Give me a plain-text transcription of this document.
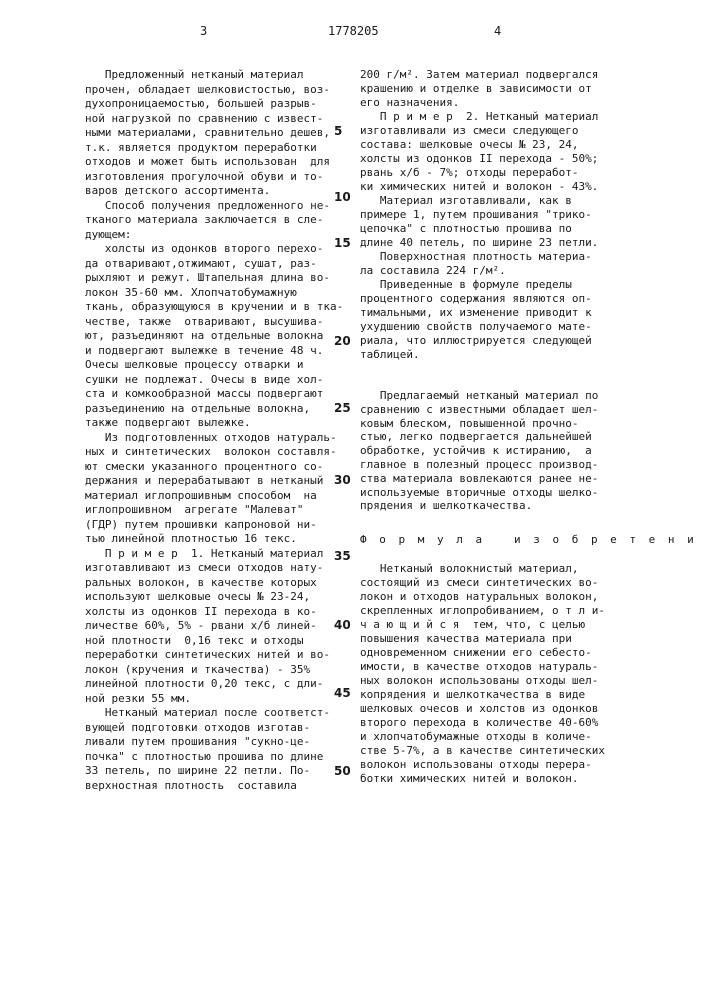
3	1778205	4
Предложенный нетканый материал
прочен, обладает шелковистостью, воз-
духопроницаемостью, большей разрыв-
ной нагрузкой по сравнению с извест-
ными материалами, сравнительно дешев,
т.к. является продуктом переработки
отходов и может быть использован  для
изготовления прогулочной обуви и то-
варов детского ассортимента.
Способ получения предложенного не-
тканого материала заключается в сле-
дующем:
холсты из одонков второго перехо-
да отваривают,отжимают, сушат, раз-
рыхляют и режут. Штапельная длина во-
локон 35-60 мм. Хлопчатобумажную
ткань, образующуюся в кручении и в тка-
честве, также  отваривают, высушива-
ют, разъединяют на отдельные волокна
и подвергают вылежке в течение 48 ч.
Очесы шелковые процессу отварки и
сушки не подлежат. Очесы в виде хол-
ста и комкообразной массы подвергают
разъединению на отдельные волокна,
также подвергают вылежке.
Из подготовленных отходов натураль-
ных и синтетических  волокон составля-
ют смески указанного процентного со-
держания и перерабатывают в нетканый
материал иглопрошивным способом  на
иглопрошивном  агрегате "Малеват"
(ГДР) путем прошивки капроновой ни-
тью линейной плотностью 16 текс.
П р и м е р  1. Нетканый материал
изготавливают из смеси отходов нату-
ральных волокон, в качестве которых
используют шелковые очесы № 23-24,
холсты из одонков II перехода в ко-
личестве 60%, 5% - рвани х/б линей-
ной плотности  0,16 текс и отходы
переработки синтетических нитей и во-
локон (кручения и ткачества) - 35%
линейной плотности 0,20 текс, с дли-
ной резки 55 мм.
Нетканый материал после соответст-
вующей подготовки отходов изготав-
ливали путем прошивания "сукно-це-
почка" с плотностью прошива по длине
33 петель, по ширине 22 петли. По-
верхностная плотность  составила
200 г/м². Затем материал подвергался
крашению и отделке в зависимости от
его назначения.
П р и м е р  2. Нетканый материал
изготавливали из смеси следующего
состава: шелковые очесы № 23, 24,
холсты из одонков II перехода - 50%;
рвань х/б - 7%; отходы переработ-
ки химических нитей и волокон - 43%.
Материал изготавливали, как в
примере 1, путем прошивания "трико-
цепочка" с плотностью прошива по
длине 40 петель, по ширине 23 петли.
Поверхностная плотность материа-
ла составила 224 г/м².
Приведенные в формуле пределы
процентного содержания являются оп-
тимальными, их изменение приводит к
ухудшению свойств получаемого мате-
риала, что иллюстрируется следующей
таблицей.
Предлагаемый нетканый материал по
сравнению с известными обладает шел-
ковым блеском, повышенной прочно-
стью, легко подвергается дальнейшей
обработке, устойчив к истиранию,  а
главное в полезный процесс производ-
ства материала вовлекаются ранее не-
используемые вторичные отходы шелко-
прядения и шелкоткачества.
Нетканый волокнистый материал,
состоящий из смеси синтетических во-
локон и отходов натуральных волокон,
скрепленных иглопробиванием, о т л и-
ч а ю щ и й с я  тем, что, с целью
повышения качества материала при
одновременном снижении его себесто-
имости, в качестве отходов натураль-
ных волокон использованы отходы шел-
копрядения и шелкоткачества в виде
шелковых очесов и холстов из одонков
второго перехода в количестве 40-60%
и хлопчатобумажные отходы в количе-
стве 5-7%, а в качестве синтетических
волокон использованы отходы перера-
ботки химических нитей и волокон.
Ф о р м у л а   и з о б р е т е н и я
5
10
15
20
25
30
35
40
45
50
